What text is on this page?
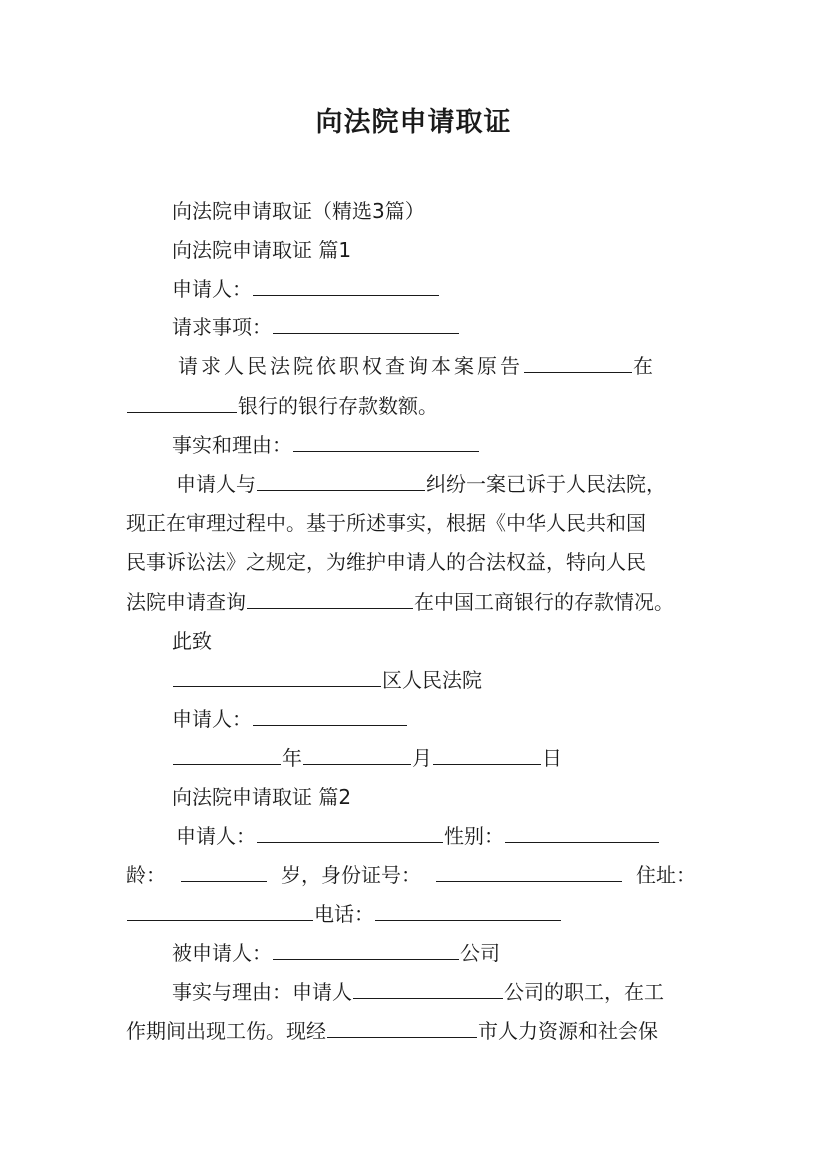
向法院申请取证
向法院申请取证（精选3篇）
向法院申请取证 篇1
申请人：
请求事项：
请求人民法院依职权查询本案原告	在
银行的银行存款数额。
事实和理由：
申请人与	纠纷一案已诉于人民法院，
现正在审理过程中。基于所述事实，根据《中华人民共和国
民事诉讼法》之规定，为维护申请人的合法权益，特向人民
法院申请查询	在中国工商银行的存款情况。
此致
区人民法院
申请人：
年	月	日
向法院申请取证 篇2
申请人：	性别：
龄：	岁，身份证号：	住址：
电话：
被申请人：	公司
事实与理由：申请人	公司的职工，在工
作期间出现工伤。现经	市人力资源和社会保
